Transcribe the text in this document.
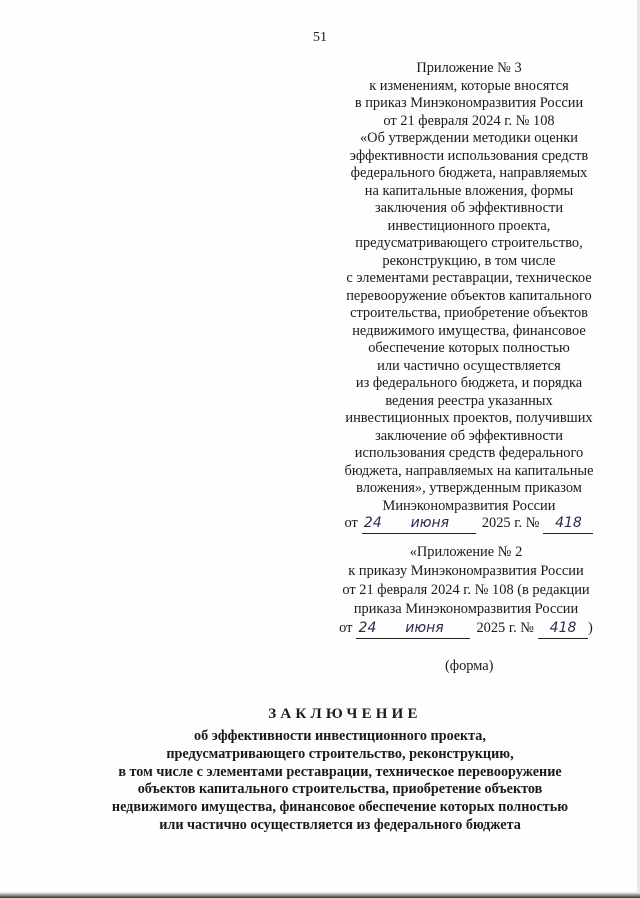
51
Приложение № 3
к изменениям, которые вносятся
в приказ Минэкономразвития России
от 21 февраля 2024 г. № 108
«Об утверждении методики оценки
эффективности использования средств
федерального бюджета, направляемых
на капитальные вложения, формы
заключения об эффективности
инвестиционного проекта,
предусматривающего строительство,
реконструкцию, в том числе
с элементами реставрации, техническое
перевооружение объектов капитального
строительства, приобретение объектов
недвижимого имущества, финансовое
обеспечение которых полностью
или частично осуществляется
из федерального бюджета, и порядка
ведения реестра указанных
инвестиционных проектов, получивших
заключение об эффективности
использования средств федерального
бюджета, направляемых на капитальные
вложения», утвержденным приказом
Минэкономразвития России
от 24	июня	2025 г. №	418
«Приложение № 2
к приказу Минэкономразвития России
от 21 февраля 2024 г. № 108 (в редакции
приказа Минэкономразвития России
от 24	июня	2025 г. №	418 )
(форма)
ЗАКЛЮЧЕНИЕ
об эффективности инвестиционного проекта,
предусматривающего строительство, реконструкцию,
в том числе с элементами реставрации, техническое перевооружение
объектов капитального строительства, приобретение объектов
недвижимого имущества, финансовое обеспечение которых полностью
или частично осуществляется из федерального бюджета
